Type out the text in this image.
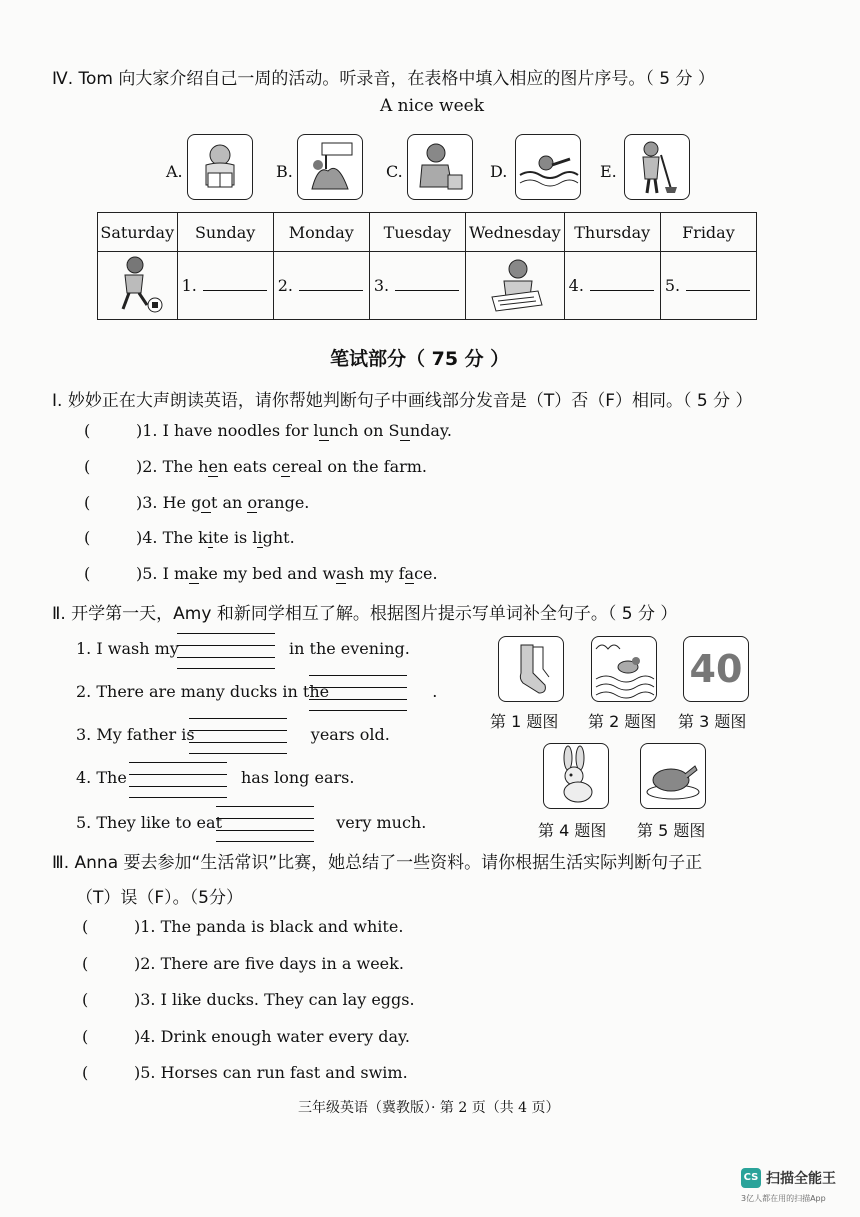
Ⅳ. Tom 向大家介绍自己一周的活动。听录音，在表格中填入相应的图片序号。（ 5 分 ）
A nice week
A.	B.	C.	D.	E.
Saturday	Sunday	Monday	Tuesday	Wednesday	Thursday	Friday
	1.	2.	3.		4.	5.
笔试部分（ 75 分 ）
Ⅰ. 妙妙正在大声朗读英语，请你帮她判断句子中画线部分发音是（T）否（F）相同。（ 5 分 ）
(	)1. I have noodles for lunch on Sunday.
(	)2. The hen eats cereal on the farm.
(	)3. He got an orange.
(	)4. The kite is light.
(	)5. I make my bed and wash my face.
Ⅱ. 开学第一天，Amy 和新同学相互了解。根据图片提示写单词补全句子。（ 5 分 ）
1. I wash my	in the evening.
2. There are many ducks in the	.
3. My father is	years old.
4. The	has long ears.
5. They like to eat	very much.
40
第 1 题图 第 2 题图 第 3 题图
第 4 题图 第 5 题图
Ⅲ. Anna 要去参加“生活常识”比赛，她总结了一些资料。请你根据生活实际判断句子正
（T）误（F）。（5分）
(	)1. The panda is black and white.
(	)2. There are five days in a week.
(	)3. I like ducks. They can lay eggs.
(	)4. Drink enough water every day.
(	)5. Horses can run fast and swim.
三年级英语（冀教版）· 第 2 页（共 4 页）
CS 扫描全能王
3亿人都在用的扫描App
